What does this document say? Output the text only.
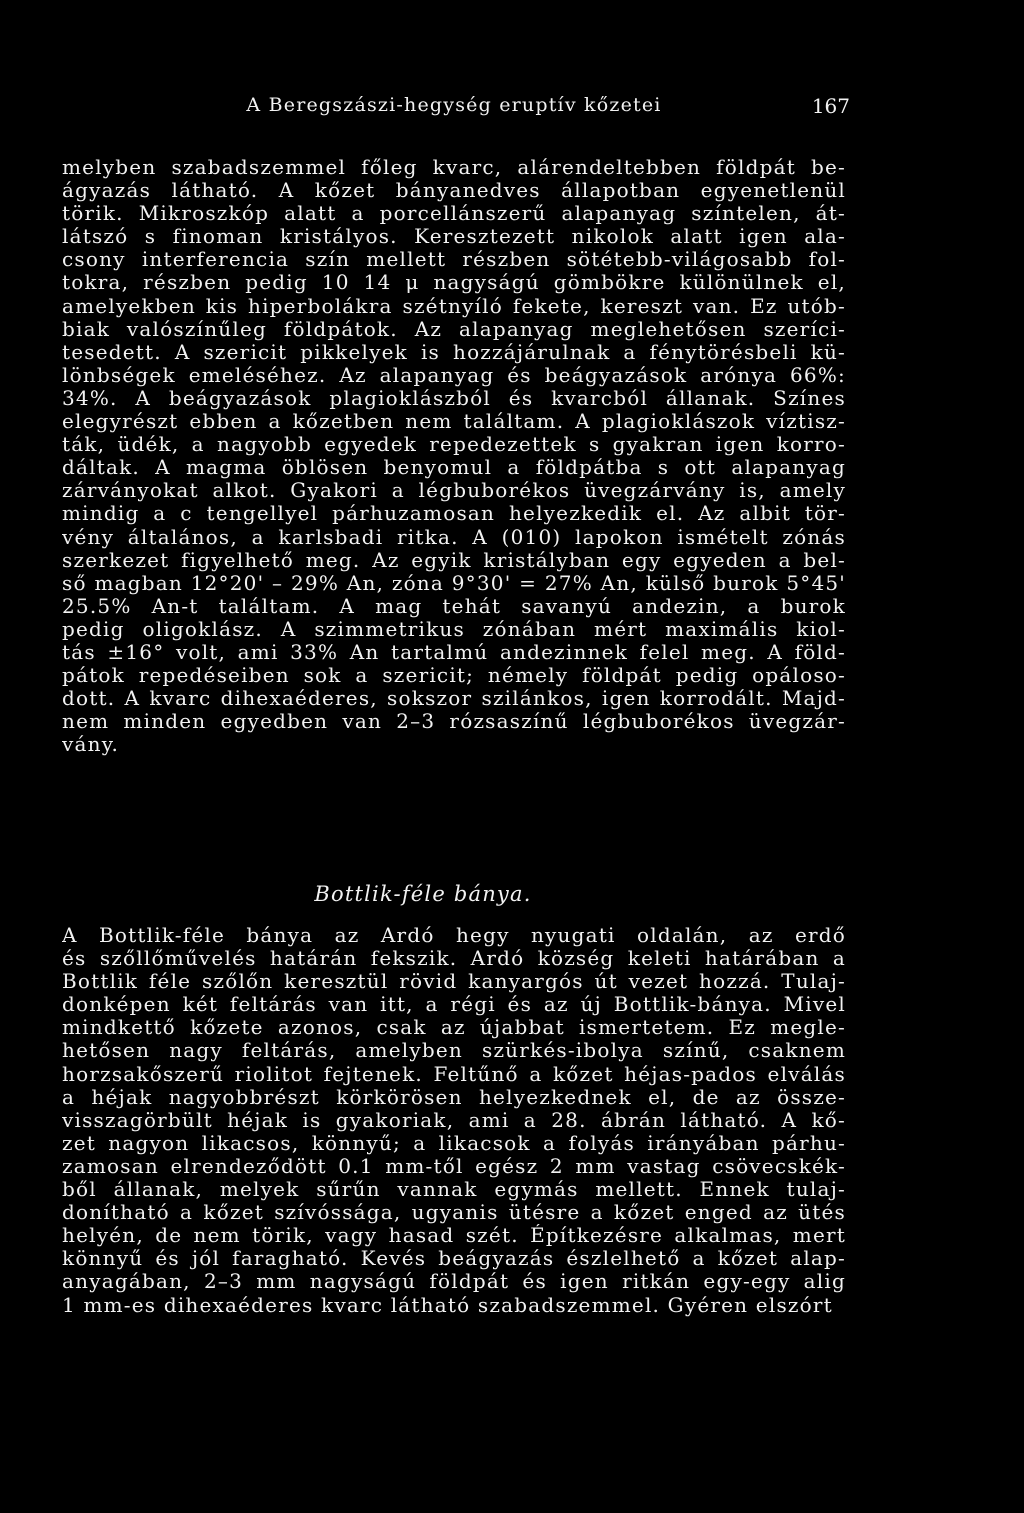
A Beregszászi-hegység eruptív kőzetei	167
melyben szabadszemmel főleg kvarc, alárendeltebben földpát be-
ágyazás látható. A kőzet bányanedves állapotban egyenetlenül
törik. Mikroszkóp alatt a porcellánszerű alapanyag színtelen, át-
látszó s finoman kristályos. Keresztezett nikolok alatt igen ala-
csony interferencia szín mellett részben sötétebb-világosabb fol-
tokra, részben pedig 10 14 μ nagyságú gömbökre különülnek el,
amelyekben kis hiperbolákra szétnyíló fekete, kereszt van. Ez utób-
biak valószínűleg földpátok. Az alapanyag meglehetősen szeríci-
tesedett. A szericit pikkelyek is hozzájárulnak a fénytörésbeli kü-
lönbségek emeléséhez. Az alapanyag és beágyazások arónya 66%:
34%. A beágyazások plagioklászból és kvarcból állanak. Színes
elegyrészt ebben a kőzetben nem találtam. A plagioklászok víztisz-
ták, üdék, a nagyobb egyedek repedezettek s gyakran igen korro-
dáltak. A magma öblösen benyomul a földpátba s ott alapanyag
zárványokat alkot. Gyakori a légbuborékos üvegzárvány is, amely
mindig a c tengellyel párhuzamosan helyezkedik el. Az albit tör-
vény általános, a karlsbadi ritka. A (010) lapokon ismételt zónás
szerkezet figyelhető meg. Az egyik kristályban egy egyeden a bel-
ső magban 12°20' – 29% An, zóna 9°30' = 27% An, külső burok 5°45'
25.5% An-t találtam. A mag tehát savanyú andezin, a burok
pedig oligoklász. A szimmetrikus zónában mért maximális kiol-
tás ±16° volt, ami 33% An tartalmú andezinnek felel meg. A föld-
pátok repedéseiben sok a szericit; némely földpát pedig opáloso-
dott. A kvarc dihexaéderes, sokszor szilánkos, igen korrodált. Majd-
nem minden egyedben van 2–3 rózsaszínű légbuborékos üvegzár-
vány.
Bottlik-féle bánya.
A Bottlik-féle bánya az Ardó hegy nyugati oldalán, az erdő
és szőllőművelés határán fekszik. Ardó község keleti határában a
Bottlik féle szőlőn keresztül rövid kanyargós út vezet hozzá. Tulaj-
donképen két feltárás van itt, a régi és az új Bottlik-bánya. Mivel
mindkettő kőzete azonos, csak az újabbat ismertetem. Ez megle-
hetősen nagy feltárás, amelyben szürkés-ibolya színű, csaknem
horzsakőszerű riolitot fejtenek. Feltűnő a kőzet héjas-pados elválás
a héjak nagyobbrészt körkörösen helyezkednek el, de az össze-
visszagörbült héjak is gyakoriak, ami a 28. ábrán látható. A kő-
zet nagyon likacsos, könnyű; a likacsok a folyás irányában párhu-
zamosan elrendeződött 0.1 mm-től egész 2 mm vastag csövecskék-
ből állanak, melyek sűrűn vannak egymás mellett. Ennek tulaj-
donítható a kőzet szívóssága, ugyanis ütésre a kőzet enged az ütés
helyén, de nem törik, vagy hasad szét. Építkezésre alkalmas, mert
könnyű és jól faragható. Kevés beágyazás észlelhető a kőzet alap-
anyagában, 2–3 mm nagyságú földpát és igen ritkán egy-egy alig
1 mm-es dihexaéderes kvarc látható szabadszemmel. Gyéren elszórt
